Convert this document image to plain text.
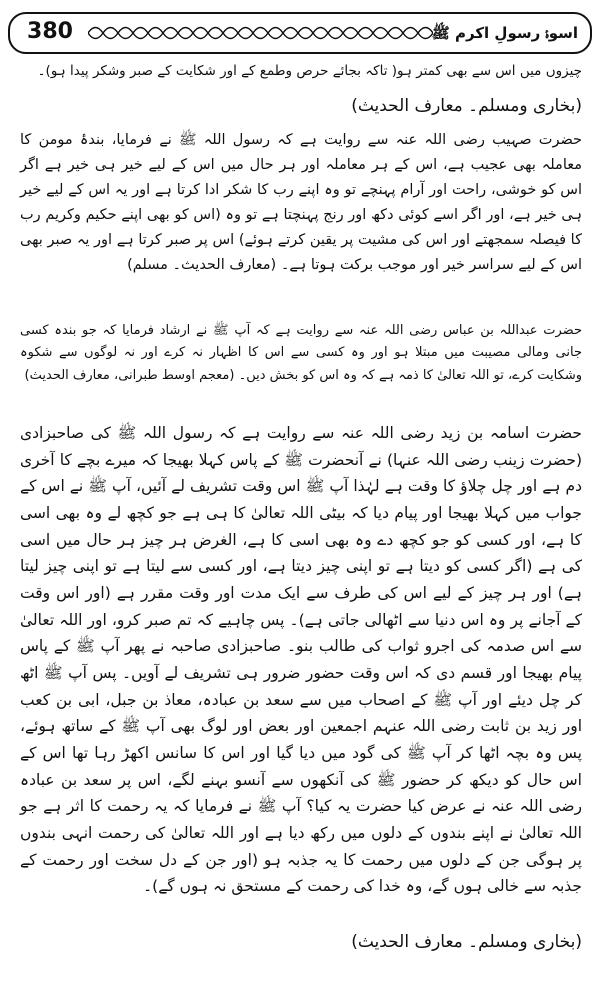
380	اسوۂ رسولِ اکرم ﷺ
چیزوں میں اس سے بھی کمتر ہو( تاکہ بجائے حرص وطمع کے اور شکایت کے صبر وشکر پیدا ہو)۔
(بخاری ومسلم۔ معارف الحدیث)
حضرت صہیب رضی اللہ عنہ سے روایت ہے کہ رسول اللہ ﷺ نے فرمایا، بندۂ مومن کا معاملہ بھی عجیب ہے، اس کے ہر معاملہ اور ہر حال میں اس کے لیے خیر ہی خیر ہے اگر اس کو خوشی، راحت اور آرام پہنچے تو وہ اپنے رب کا شکر ادا کرتا ہے اور یہ اس کے لیے خیر ہی خیر ہے، اور اگر اسے کوئی دکھ اور رنج پہنچتا ہے تو وہ (اس کو بھی اپنے حکیم وکریم رب کا فیصلہ سمجھتے اور اس کی مشیت پر یقین کرتے ہوئے) اس پر صبر کرتا ہے اور یہ صبر بھی اس کے لیے سراسر خیر اور موجب برکت ہوتا ہے۔ (معارف الحدیث۔ مسلم)
حضرت عبداللہ بن عباس رضی اللہ عنہ سے روایت ہے کہ آپ ﷺ نے ارشاد فرمایا کہ جو بندہ کسی جانی ومالی مصیبت میں مبتلا ہو اور وہ کسی سے اس کا اظہار نہ کرے اور نہ لوگوں سے شکوہ وشکایت کرے، تو اللہ تعالیٰ کا ذمہ ہے کہ وہ اس کو بخش دیں۔ (معجم اوسط طبرانی، معارف الحدیث)
حضرت اسامہ بن زید رضی اللہ عنہ سے روایت ہے کہ رسول اللہ ﷺ کی صاحبزادی (حضرت زینب رضی اللہ عنہا) نے آنحضرت ﷺ کے پاس کہلا بھیجا کہ میرے بچے کا آخری دم ہے اور چل چلاؤ کا وقت ہے لہٰذا آپ ﷺ اس وقت تشریف لے آئیں، آپ ﷺ نے اس کے جواب میں کہلا بھیجا اور پیام دیا کہ بیٹی اللہ تعالیٰ کا ہی ہے جو کچھ لے وہ بھی اسی کا ہے، اور کسی کو جو کچھ دے وہ بھی اسی کا ہے، الغرض ہر چیز ہر حال میں اسی کی ہے (اگر کسی کو دیتا ہے تو اپنی چیز دیتا ہے، اور کسی سے لیتا ہے تو اپنی چیز لیتا ہے) اور ہر چیز کے لیے اس کی طرف سے ایک مدت اور وقت مقرر ہے (اور اس وقت کے آجانے پر وہ اس دنیا سے اٹھالی جاتی ہے)۔ پس چاہیے کہ تم صبر کرو، اور اللہ تعالیٰ سے اس صدمہ کی اجرو ثواب کی طالب بنو۔ صاحبزادی صاحبہ نے پھر آپ ﷺ کے پاس پیام بھیجا اور قسم دی کہ اس وقت حضور ضرور ہی تشریف لے آویں۔ پس آپ ﷺ اٹھ کر چل دیئے اور آپ ﷺ کے اصحاب میں سے سعد بن عبادہ، معاذ بن جبل، ابی بن کعب اور زید بن ثابت رضی اللہ عنہم اجمعین اور بعض اور لوگ بھی آپ ﷺ کے ساتھ ہوئے، پس وہ بچہ اٹھا کر آپ ﷺ کی گود میں دیا گیا اور اس کا سانس اکھڑ رہا تھا اس کے اس حال کو دیکھ کر حضور ﷺ کی آنکھوں سے آنسو بہنے لگے، اس پر سعد بن عبادہ رضی اللہ عنہ نے عرض کیا حضرت یہ کیا؟ آپ ﷺ نے فرمایا کہ یہ رحمت کا اثر ہے جو اللہ تعالیٰ نے اپنے بندوں کے دلوں میں رکھ دیا ہے اور اللہ تعالیٰ کی رحمت انہی بندوں پر ہوگی جن کے دلوں میں رحمت کا یہ جذبہ ہو (اور جن کے دل سخت اور رحمت کے جذبہ سے خالی ہوں گے، وہ خدا کی رحمت کے مستحق نہ ہوں گے)۔
(بخاری ومسلم۔ معارف الحدیث)
